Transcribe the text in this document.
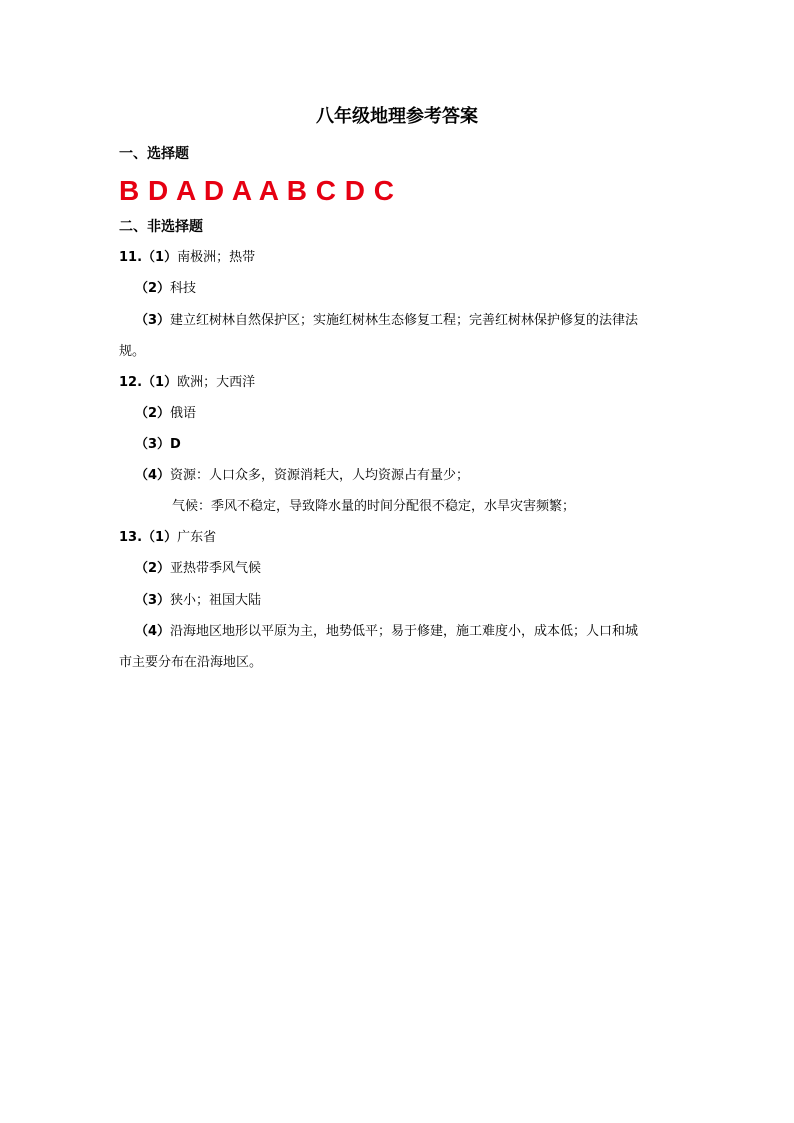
八年级地理参考答案
一、选择题
B D A D A A B C D C
二、非选择题
11.（1）南极洲；热带
（2）科技
（3）建立红树林自然保护区；实施红树林生态修复工程；完善红树林保护修复的法律法
规。
12.（1）欧洲；大西洋
（2）俄语
（3）D
（4）资源：人口众多，资源消耗大，人均资源占有量少；
气候：季风不稳定，导致降水量的时间分配很不稳定，水旱灾害频繁；
13.（1）广东省
（2）亚热带季风气候
（3）狭小；祖国大陆
（4）沿海地区地形以平原为主，地势低平；易于修建，施工难度小，成本低；人口和城
市主要分布在沿海地区。
